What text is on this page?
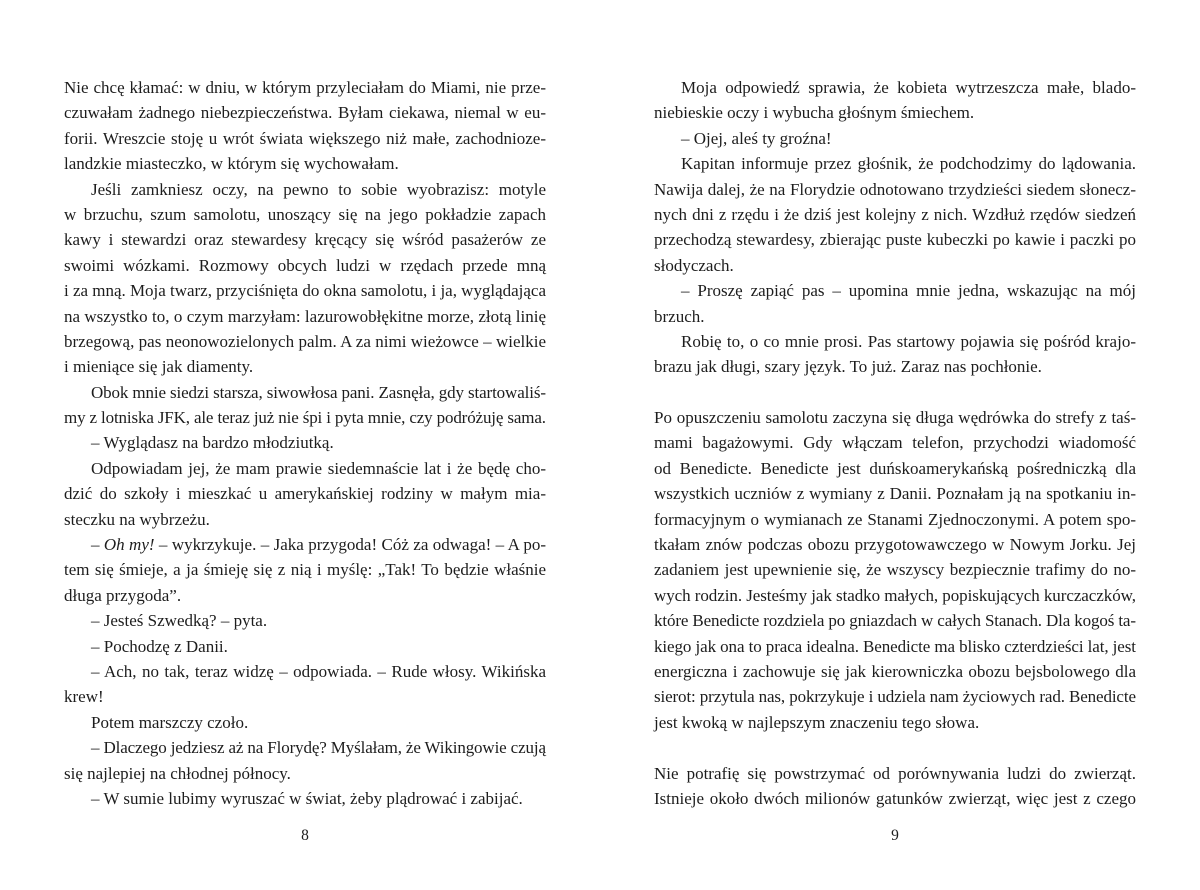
Nie chcę kłamać: w dniu, w którym przyleciałam do Miami, nie prze-
czuwałam żadnego niebezpieczeństwa. Byłam ciekawa, niemal w eu-
forii. Wreszcie stoję u wrót świata większego niż małe, zachodnioze-
landzkie miasteczko, w którym się wychowałam.
Jeśli zamkniesz oczy, na pewno to sobie wyobrazisz: motyle
w brzuchu, szum samolotu, unoszący się na jego pokładzie zapach
kawy i stewardzi oraz stewardesy kręcący się wśród pasażerów ze
swoimi wózkami. Rozmowy obcych ludzi w rzędach przede mną
i za mną. Moja twarz, przyciśnięta do okna samolotu, i ja, wyglądająca
na wszystko to, o czym marzyłam: lazurowobłękitne morze, złotą linię
brzegową, pas neonowozielonych palm. A za nimi wieżowce – wielkie
i mieniące się jak diamenty.
Obok mnie siedzi starsza, siwowłosa pani. Zasnęła, gdy startowaliś-
my z lotniska JFK, ale teraz już nie śpi i pyta mnie, czy podróżuję sama.
– Wyglądasz na bardzo młodziutką.
Odpowiadam jej, że mam prawie siedemnaście lat i że będę cho-
dzić do szkoły i mieszkać u amerykańskiej rodziny w małym mia-
steczku na wybrzeżu.
– Oh my! – wykrzykuje. – Jaka przygoda! Cóż za odwaga! – A po-
tem się śmieje, a ja śmieję się z nią i myślę: „Tak! To będzie właśnie
długa przygoda”.
– Jesteś Szwedką? – pyta.
– Pochodzę z Danii.
– Ach, no tak, teraz widzę – odpowiada. – Rude włosy. Wikińska
krew!
Potem marszczy czoło.
– Dlaczego jedziesz aż na Florydę? Myślałam, że Wikingowie czują
się najlepiej na chłodnej północy.
– W sumie lubimy wyruszać w świat, żeby plądrować i zabijać.
8
Moja odpowiedź sprawia, że kobieta wytrzeszcza małe, blado-
niebieskie oczy i wybucha głośnym śmiechem.
– Ojej, aleś ty groźna!
Kapitan informuje przez głośnik, że podchodzimy do lądowania.
Nawija dalej, że na Florydzie odnotowano trzydzieści siedem słonecz-
nych dni z rzędu i że dziś jest kolejny z nich. Wzdłuż rzędów siedzeń
przechodzą stewardesy, zbierając puste kubeczki po kawie i paczki po
słodyczach.
– Proszę zapiąć pas – upomina mnie jedna, wskazując na mój
brzuch.
Robię to, o co mnie prosi. Pas startowy pojawia się pośród krajo-
brazu jak długi, szary język. To już. Zaraz nas pochłonie.
Po opuszczeniu samolotu zaczyna się długa wędrówka do strefy z taś-
mami bagażowymi. Gdy włączam telefon, przychodzi wiadomość
od Benedicte. Benedicte jest duńskoamerykańską pośredniczką dla
wszystkich uczniów z wymiany z Danii. Poznałam ją na spotkaniu in-
formacyjnym o wymianach ze Stanami Zjednoczonymi. A potem spo-
tkałam znów podczas obozu przygotowawczego w Nowym Jorku. Jej
zadaniem jest upewnienie się, że wszyscy bezpiecznie trafimy do no-
wych rodzin. Jesteśmy jak stadko małych, popiskujących kurczaczków,
które Benedicte rozdziela po gniazdach w całych Stanach. Dla kogoś ta-
kiego jak ona to praca idealna. Benedicte ma blisko czterdzieści lat, jest
energiczna i zachowuje się jak kierowniczka obozu bejsbolowego dla
sierot: przytula nas, pokrzykuje i udziela nam życiowych rad. Benedicte
jest kwoką w najlepszym znaczeniu tego słowa.
Nie potrafię się powstrzymać od porównywania ludzi do zwierząt.
Istnieje około dwóch milionów gatunków zwierząt, więc jest z czego
9
